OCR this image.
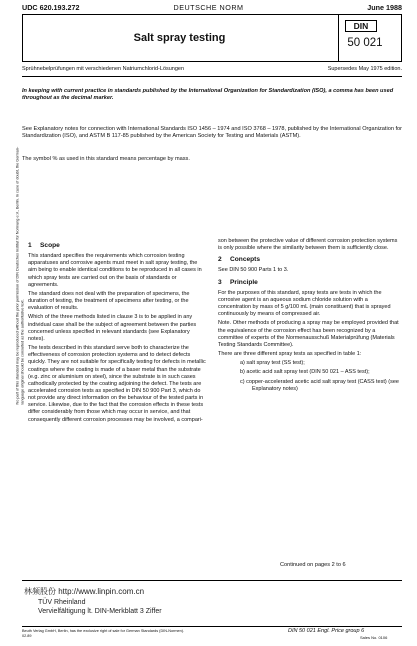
UDC 620.193.272	DEUTSCHE NORM	June 1988
Salt spray testing
DIN
50 021
Sprühnebelprüfungen mit verschiedenen Natriumchlorid-Lösungen	Supersedes May 1975 edition.
In keeping with current practice in standards published by the International Organization for Standardization (ISO), a comma has been used throughout as the decimal marker.
See Explanatory notes for connection with International Standards ISO 1456 – 1974 and ISO 3768 – 1978, published by the International Organization for Standardization (ISO), and ASTM B 117-85 published by the American Society for Testing and Materials (ASTM).
The symbol % as used in this standard means percentage by mass.
No part of this standard may be reproduced without the prior permission of DIN Deutsches Institut für Normung e.V., Berlin. In case of doubt, the German-language original should be consulted as the authoritative text.
1 Scope

This standard specifies the requirements which corrosion testing apparatuses and corrosive agents must meet in salt spray testing, the aim being to enable identical conditions to be reproduced in all cases in which spray tests are carried out on the basis of standards or agreements.

The standard does not deal with the preparation of specimens, the duration of testing, the treatment of specimens after testing, or the evaluation of results.

Which of the three methods listed in clause 3 is to be applied in any individual case shall be the subject of agreement between the parties concerned unless specified in relevant standards (see Explanatory notes).

The tests described in this standard serve both to characterize the effectiveness of corrosion protection systems and to detect defects quickly. They are not suitable for specifically testing for defects in metallic coatings where the coating is made of a baser metal than the substrate (e.g. zinc or aluminium on steel), since the substrate is in such cases cathodically protected by the coating adjoining the defect. The tests are accelerated corrosion tests as specified in DIN 50 900 Part 3, which do not provide any direct information on the behaviour of the tested parts in service. Likewise, due to the fact that the corrosion effects in these tests differ considerably from those which may occur in service, and that consequently different corrosion processes may be involved, a compari-

son between the protective value of different corrosion protection systems is only possible where the similarity between them is sufficiently close.

2 Concepts

See DIN 50 900 Parts 1 to 3.

3 Principle

For the purposes of this standard, spray tests are tests in which the corrosive agent is an aqueous sodium chloride solution with a concentration by mass of 5 g/100 mL (main constituent) that is sprayed continuously by means of compressed air.

Note. Other methods of producing a spray may be employed provided that the equivalence of the corrosion effect has been recognized by a committee of experts of the Normenausschuß Materialprüfung (Materials Testing Standards Committee).

There are three different spray tests as specified in table 1:

a) salt spray test (SS test);
b) acetic acid salt spray test (DIN 50 021 – ASS test);
c) copper-accelerated acetic acid salt spray test (CASS test) (see Explanatory notes)
Continued on pages 2 to 6
林频股份 http://www.linpin.com.cn
TÜV Rheinland
Vervielfältigung lt. DIN-Merkblatt 3 Ziffer
Beuth Verlag GmbH, Berlin, has the exclusive right of sale for German Standards (DIN-Normen).
02.89
DIN 50 021 Engl. Price group 6
Sales No. 0106
